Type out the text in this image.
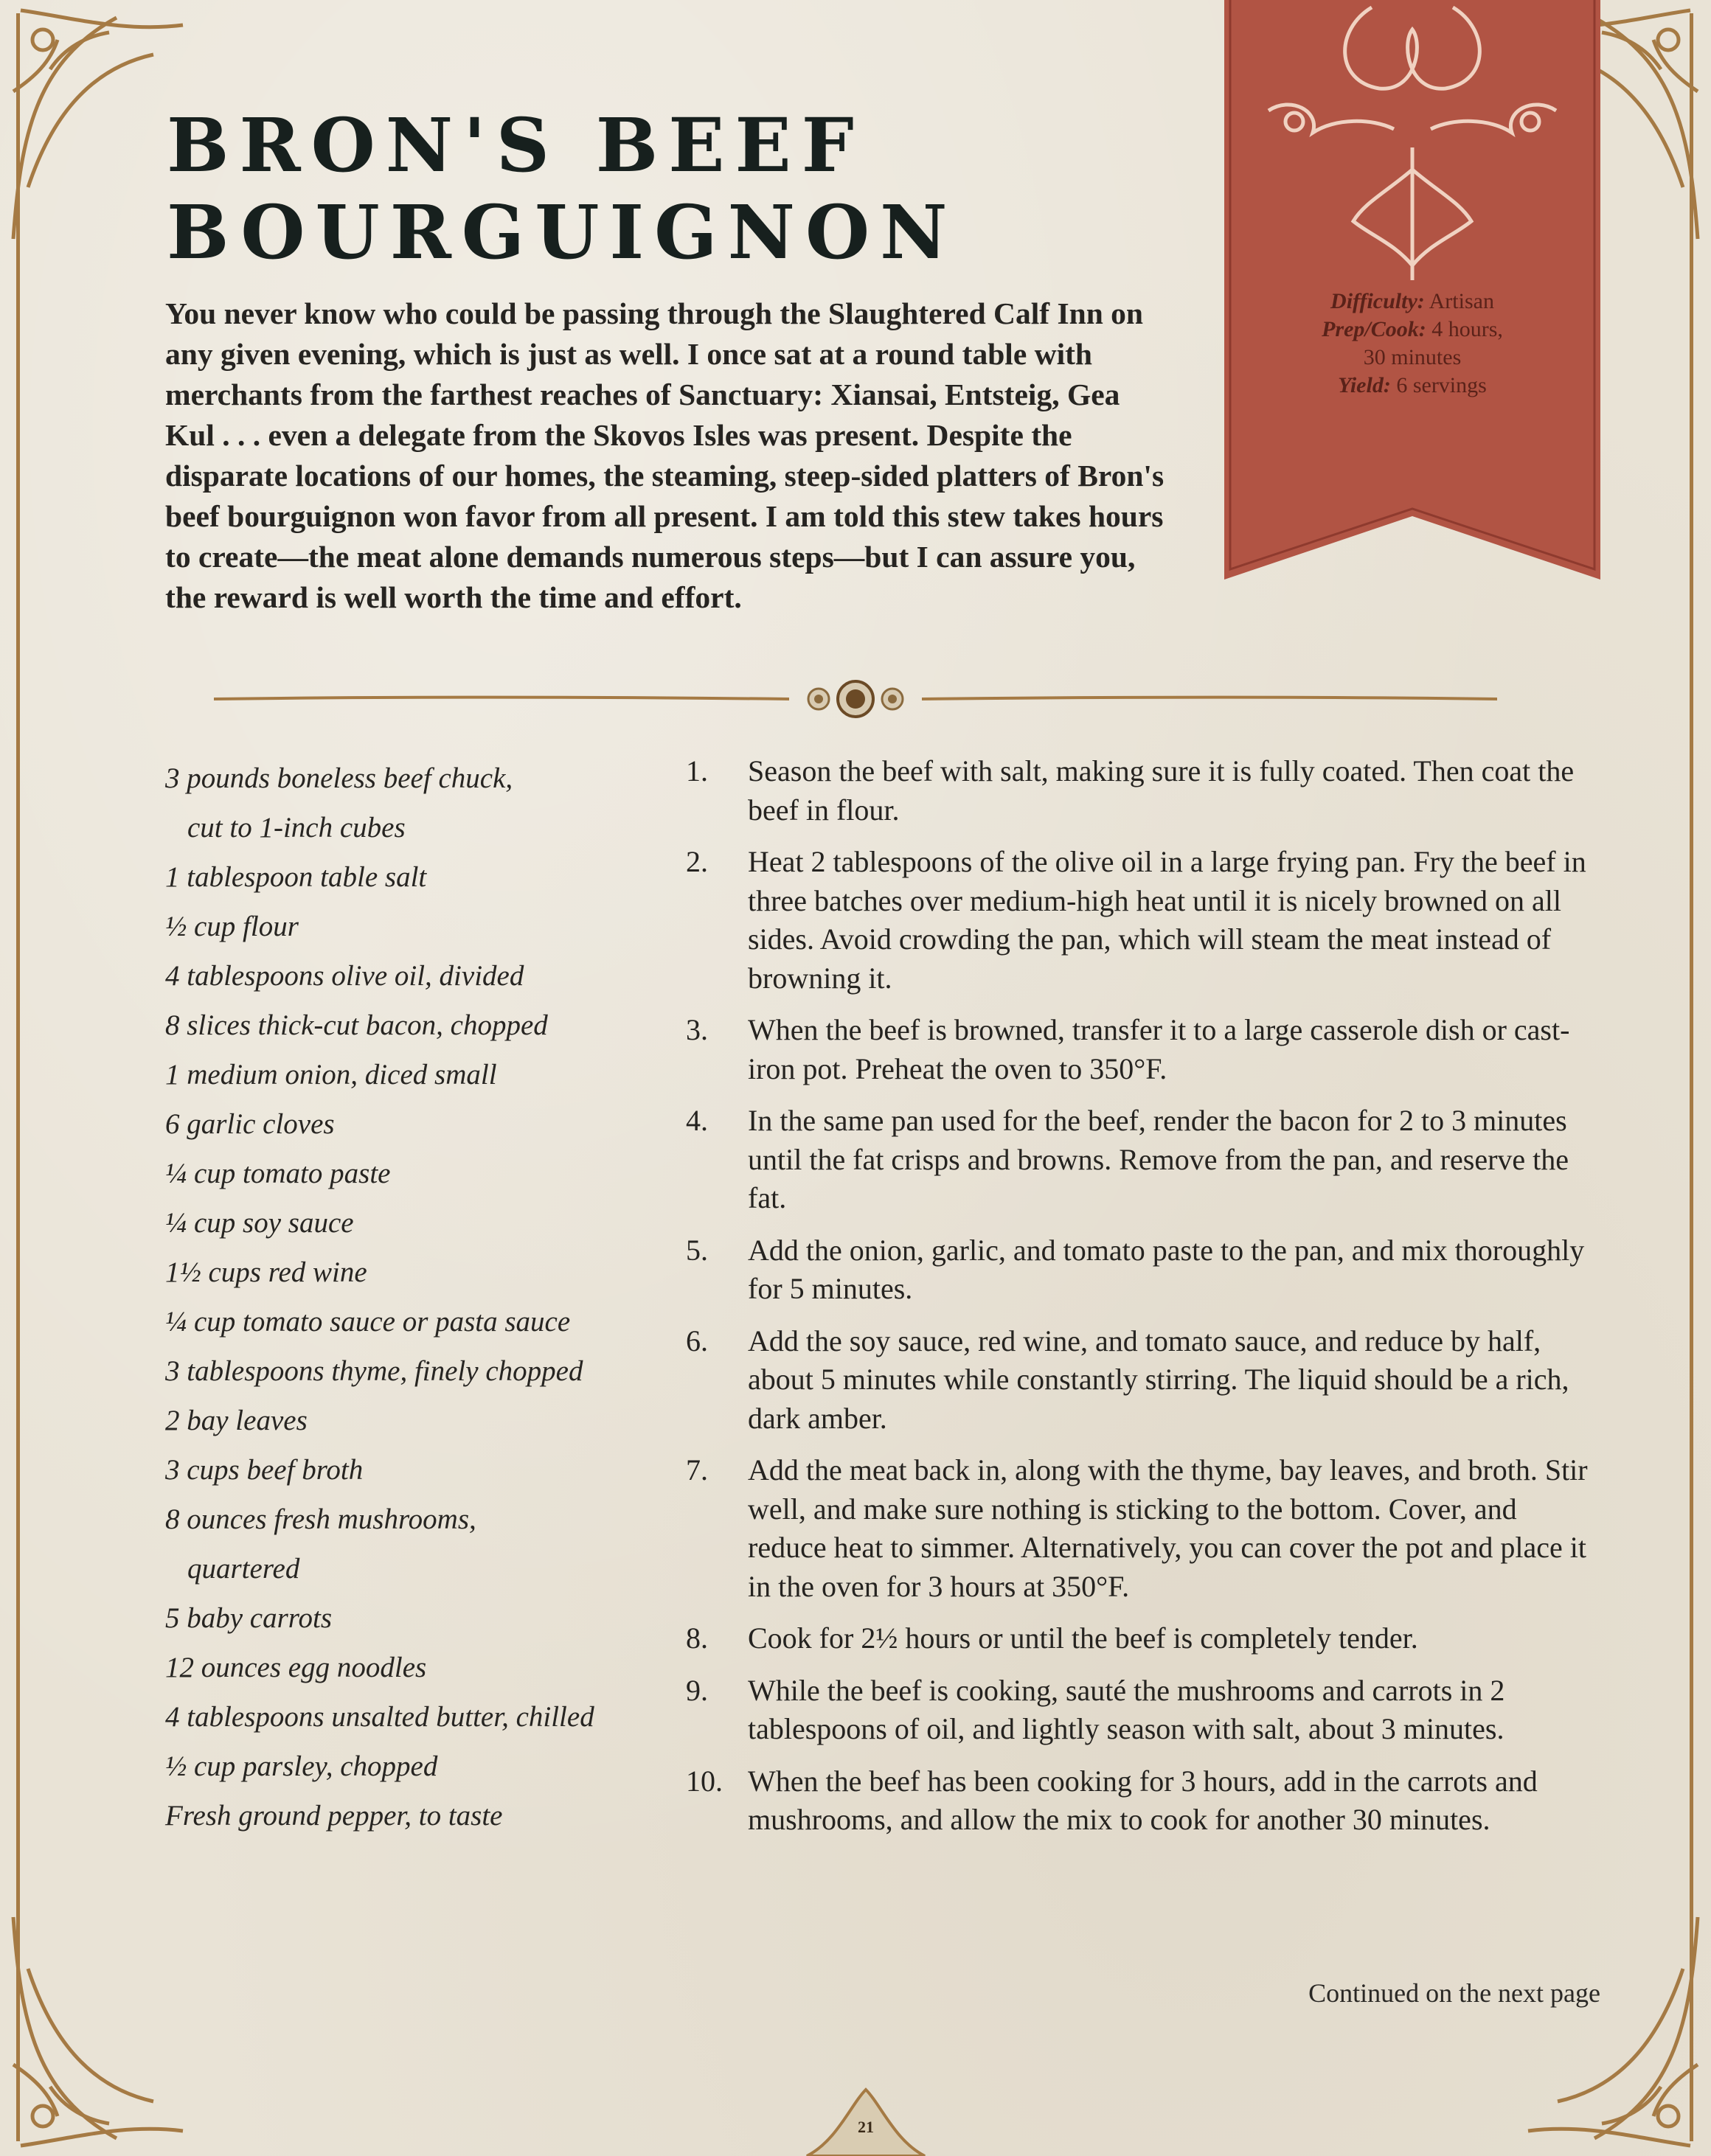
BRON'S BEEF
BOURGUIGNON

You never know who could be passing through the Slaughtered Calf Inn on any given evening, which is just as well. I once sat at a round table with merchants from the farthest reaches of Sanctuary: Xiansai, Entsteig, Gea Kul . . . even a delegate from the Skovos Isles was present. Despite the disparate locations of our homes, the steaming, steep-sided platters of Bron's beef bourguignon won favor from all present. I am told this stew takes hours to create—the meat alone demands numerous steps—but I can assure you, the reward is well worth the time and effort.

Difficulty: Artisan
Prep/Cook: 4 hours,
30 minutes
Yield: 6 servings
3 pounds boneless beef chuck,
cut to 1-inch cubes
1 tablespoon table salt
½ cup flour
4 tablespoons olive oil, divided
8 slices thick-cut bacon, chopped
1 medium onion, diced small
6 garlic cloves
¼ cup tomato paste
¼ cup soy sauce
1½ cups red wine
¼ cup tomato sauce or pasta sauce
3 tablespoons thyme, finely chopped
2 bay leaves
3 cups beef broth
8 ounces fresh mushrooms,
quartered
5 baby carrots
12 ounces egg noodles
4 tablespoons unsalted butter, chilled
½ cup parsley, chopped
Fresh ground pepper, to taste
1.	Season the beef with salt, making sure it is fully coated. Then coat the beef in flour.
2.	Heat 2 tablespoons of the olive oil in a large frying pan. Fry the beef in three batches over medium-high heat until it is nicely browned on all sides. Avoid crowding the pan, which will steam the meat instead of browning it.
3.	When the beef is browned, transfer it to a large casserole dish or cast-iron pot. Preheat the oven to 350°F.
4.	In the same pan used for the beef, render the bacon for 2 to 3 minutes until the fat crisps and browns. Remove from the pan, and reserve the fat.
5.	Add the onion, garlic, and tomato paste to the pan, and mix thoroughly for 5 minutes.
6.	Add the soy sauce, red wine, and tomato sauce, and reduce by half, about 5 minutes while constantly stirring. The liquid should be a rich, dark amber.
7.	Add the meat back in, along with the thyme, bay leaves, and broth. Stir well, and make sure nothing is sticking to the bottom. Cover, and reduce heat to simmer. Alternatively, you can cover the pot and place it in the oven for 3 hours at 350°F.
8.	Cook for 2½ hours or until the beef is completely tender.
9.	While the beef is cooking, sauté the mushrooms and carrots in 2 tablespoons of oil, and lightly season with salt, about 3 minutes.
10. When the beef has been cooking for 3 hours, add in the carrots and mushrooms, and allow the mix to cook for another 30 minutes.
Continued on the next page
21
